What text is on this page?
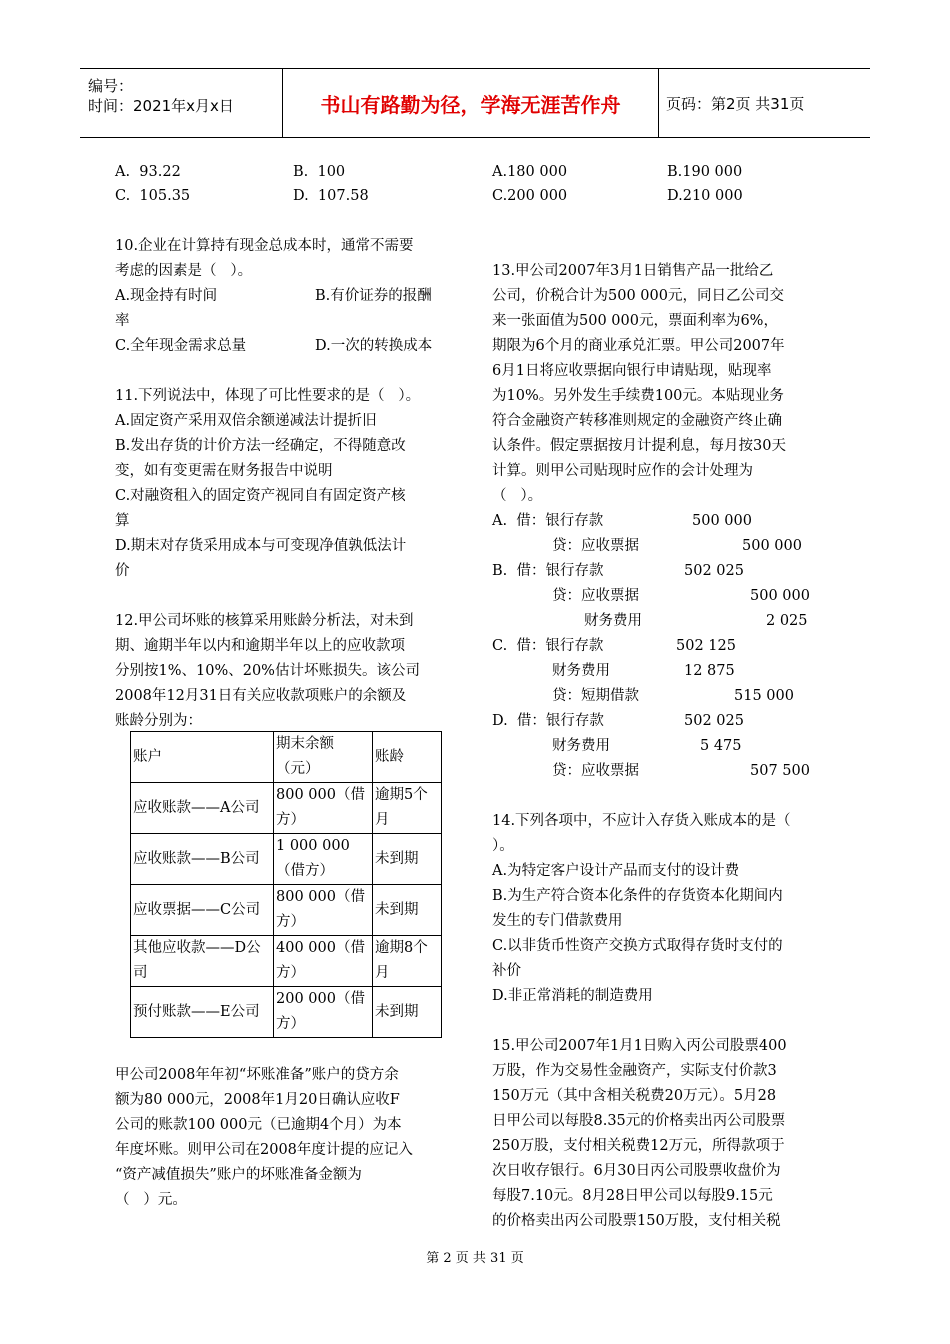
编号：
时间：2021年x月x日	书山有路勤为径，学海无涯苦作舟	页码：第2页 共31页
A.  93.22	B.  100
C.  105.35	D.  107.58
10.企业在计算持有现金总成本时，通常不需要
考虑的因素是（   ）。
A.现金持有时间	B.有价证券的报酬
率
C.全年现金需求总量	D.一次的转换成本
11.下列说法中，体现了可比性要求的是（   ）。
A.固定资产采用双倍余额递减法计提折旧
B.发出存货的计价方法一经确定，不得随意改
变，如有变更需在财务报告中说明
C.对融资租入的固定资产视同自有固定资产核
算
D.期末对存货采用成本与可变现净值孰低法计
价
12.甲公司坏账的核算采用账龄分析法，对未到
期、逾期半年以内和逾期半年以上的应收款项
分别按1%、10%、20%估计坏账损失。该公司
2008年12月31日有关应收款项账户的余额及
账龄分别为：
甲公司2008年年初“坏账准备”账户的贷方余
额为80 000元，2008年1月20日确认应收F
公司的账款100 000元（已逾期4个月）为本
年度坏账。则甲公司在2008年度计提的应记入
“资产减值损失”账户的坏账准备金额为
（   ）元。
A.180 000	B.190 000
C.200 000	D.210 000
13.甲公司2007年3月1日销售产品一批给乙
公司，价税合计为500 000元，同日乙公司交
来一张面值为500 000元，票面利率为6%，
期限为6个月的商业承兑汇票。甲公司2007年
6月1日将应收票据向银行申请贴现，贴现率
为10%。另外发生手续费100元。本贴现业务
符合金融资产转移准则规定的金融资产终止确
认条件。假定票据按月计提利息，每月按30天
计算。则甲公司贴现时应作的会计处理为
（   ）。
A.  借：银行存款	500 000
贷：应收票据	500 000
B.  借：银行存款	502 025
贷：应收票据	500 000
财务费用	2 025
C.  借：银行存款	502 125
财务费用	12 875
贷：短期借款	515 000
D.  借：银行存款	502 025
财务费用	5 475
贷：应收票据	507 500
14.下列各项中，不应计入存货入账成本的是（
）。
A.为特定客户设计产品而支付的设计费
B.为生产符合资本化条件的存货资本化期间内
发生的专门借款费用
C.以非货币性资产交换方式取得存货时支付的
补价
D.非正常消耗的制造费用
15.甲公司2007年1月1日购入丙公司股票400
万股，作为交易性金融资产，实际支付价款3
150万元（其中含相关税费20万元）。5月28
日甲公司以每股8.35元的价格卖出丙公司股票
250万股，支付相关税费12万元，所得款项于
次日收存银行。6月30日丙公司股票收盘价为
每股7.10元。8月28日甲公司以每股9.15元
的价格卖出丙公司股票150万股，支付相关税
账户	期末余额（元）	账龄
应收账款——A公司	800 000（借方）	逾期5个月
应收账款——B公司	1 000 000（借方）	未到期
应收票据——C公司	800 000（借方）	未到期
其他应收款——D公司	400 000（借方）	逾期8个月
预付账款——E公司	200 000（借方）	未到期
第 2 页 共 31 页
